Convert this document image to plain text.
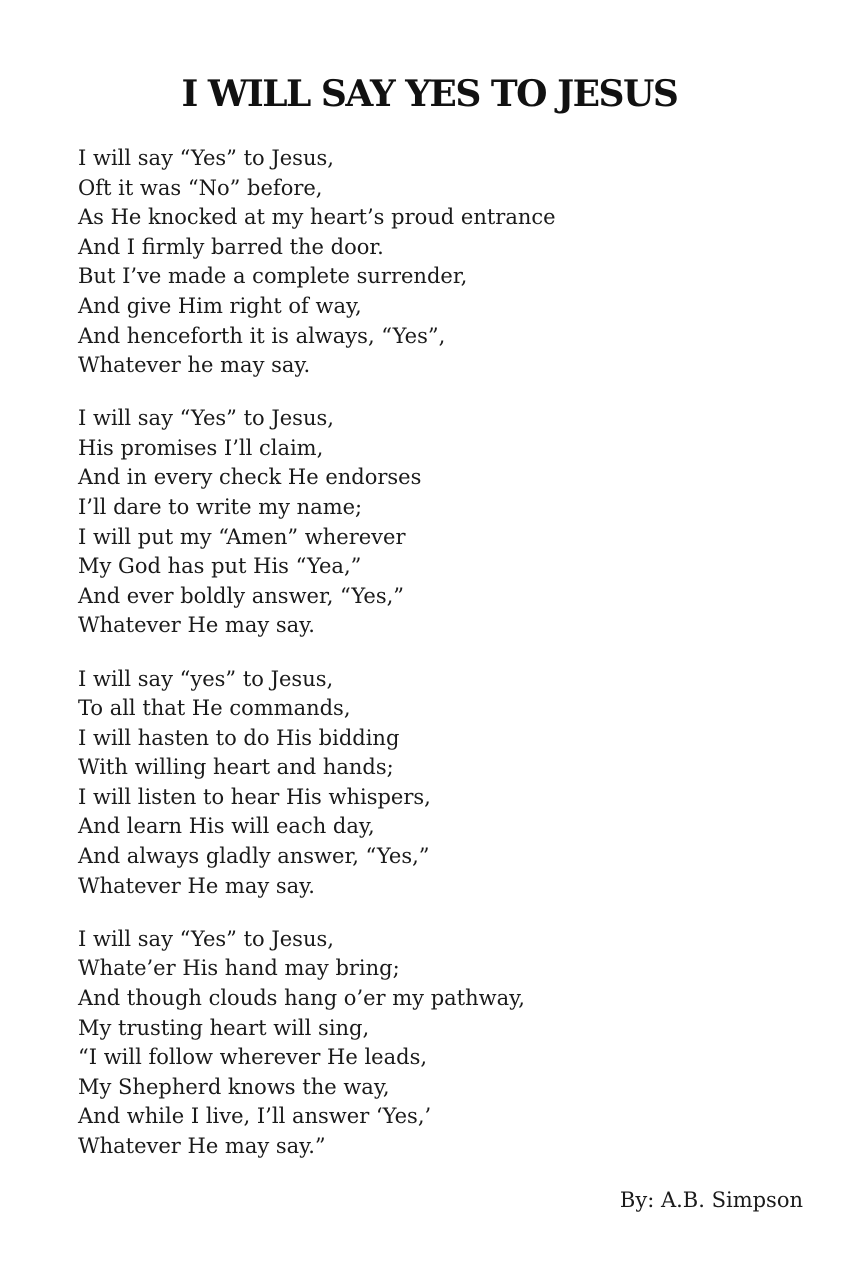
I WILL SAY YES TO JESUS
I will say “Yes” to Jesus,
Oft it was “No” before,
As He knocked at my heart’s proud entrance
And I firmly barred the door.
But I’ve made a complete surrender,
And give Him right of way,
And henceforth it is always, “Yes”,
Whatever he may say.
I will say “Yes” to Jesus,
His promises I’ll claim,
And in every check He endorses
I’ll dare to write my name;
I will put my “Amen” wherever
My God has put His “Yea,”
And ever boldly answer, “Yes,”
Whatever He may say.
I will say “yes” to Jesus,
To all that He commands,
I will hasten to do His bidding
With willing heart and hands;
I will listen to hear His whispers,
And learn His will each day,
And always gladly answer, “Yes,”
Whatever He may say.
I will say “Yes” to Jesus,
Whate’er His hand may bring;
And though clouds hang o’er my pathway,
My trusting heart will sing,
“I will follow wherever He leads,
My Shepherd knows the way,
And while I live, I’ll answer ‘Yes,’
Whatever He may say.”
By: A.B. Simpson
